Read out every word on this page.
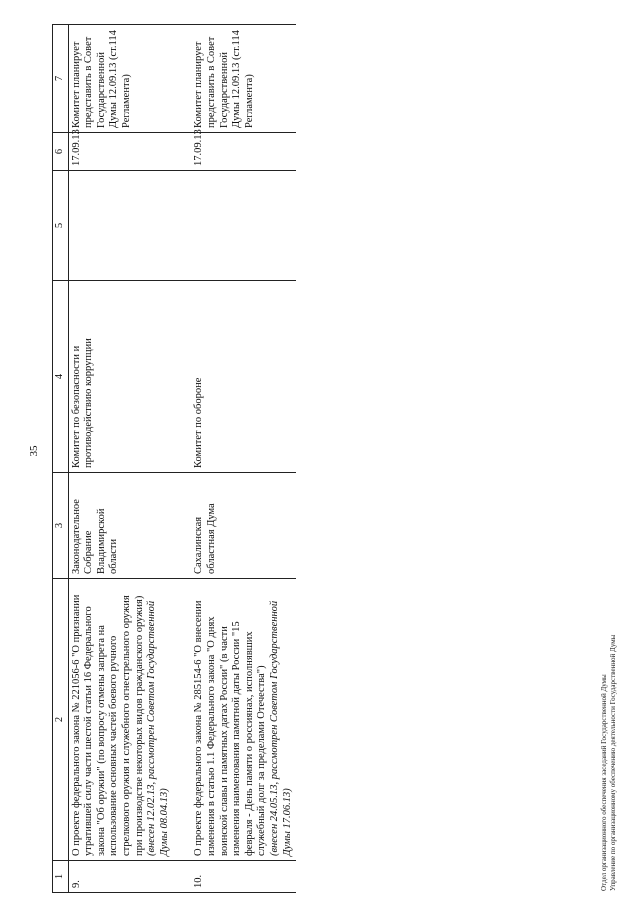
35
1	2	3	4	5	6	7
9.	О проекте федерального закона № 221056-6 "О признании утратившей силу части шестой статьи 16 Федерального закона "Об оружии" (по вопросу отмены запрета на использование основных частей боевого ручного стрелкового оружия и служебного огнестрельного оружия при производстве некоторых видов гражданского оружия) (внесен 12.02.13, рассмотрен Советом Государственной Думы 08.04.13)	Законодательное Собрание Владимирской области	Комитет по безопасности и противодействию коррупции		17.09.13	Комитет планирует представить в Совет Государственной Думы 12.09.13 (ст.114 Регламента)

10.	О проекте федерального закона № 285154-6 "О внесении изменения в статью 1.1 Федерального закона "О днях воинской славы и памятных датах России" (в части изменения наименования памятной даты России "15 февраля - День памяти о россиянах, исполнявших служебный долг за пределами Отечества") (внесен 24.05.13, рассмотрен Советом Государственной Думы 17.06.13)	Сахалинская областная Дума	Комитет по обороне		17.09.13	Комитет планирует представить в Совет Государственной Думы 12.09.13 (ст.114 Регламента)
Отдел организационного обеспечения заседаний Государственной Думы Управление по организационному обеспечению деятельности Государственной Думы
